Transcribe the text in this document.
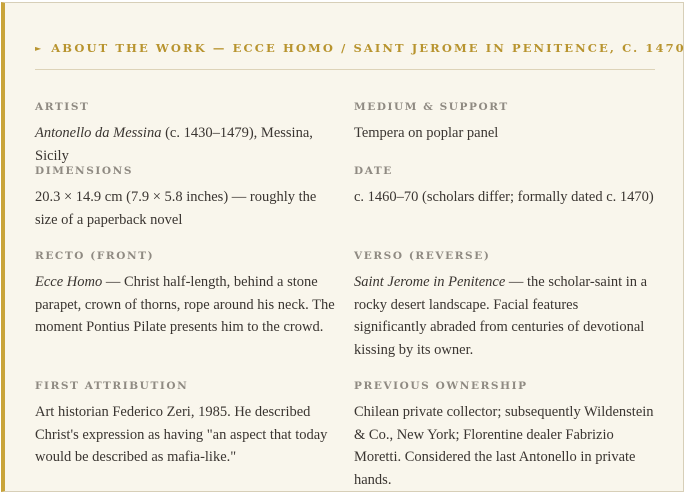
► ABOUT THE WORK — ECCE HOMO / SAINT JEROME IN PENITENCE, C. 1470
ARTIST
Antonello da Messina (c. 1430–1479), Messina, Sicily
MEDIUM & SUPPORT
Tempera on poplar panel
DIMENSIONS
20.3 × 14.9 cm (7.9 × 5.8 inches) — roughly the size of a paperback novel
DATE
c. 1460–70 (scholars differ; formally dated c. 1470)
RECTO (FRONT)
Ecce Homo — Christ half-length, behind a stone parapet, crown of thorns, rope around his neck. The moment Pontius Pilate presents him to the crowd.
VERSO (REVERSE)
Saint Jerome in Penitence — the scholar-saint in a rocky desert landscape. Facial features significantly abraded from centuries of devotional kissing by its owner.
FIRST ATTRIBUTION
Art historian Federico Zeri, 1985. He described Christ's expression as having "an aspect that today would be described as mafia-like."
PREVIOUS OWNERSHIP
Chilean private collector; subsequently Wildenstein & Co., New York; Florentine dealer Fabrizio Moretti. Considered the last Antonello in private hands.
